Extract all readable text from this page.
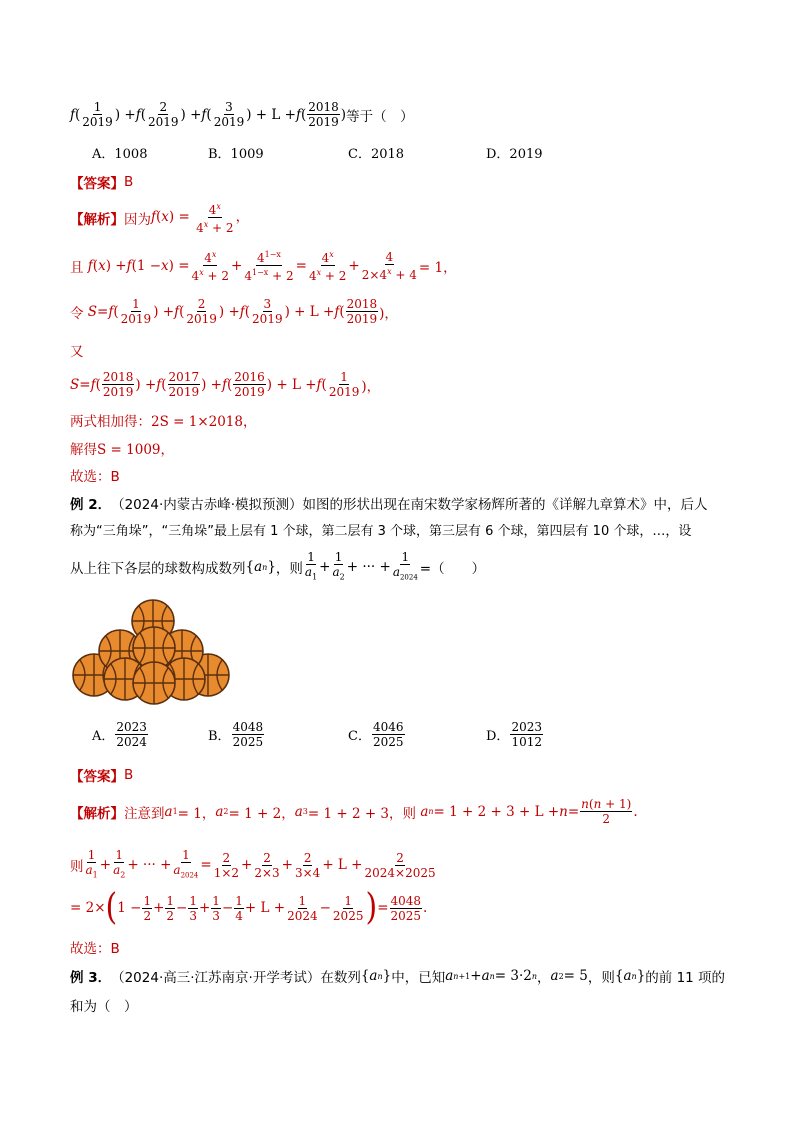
f ( $\frac{1}{2019}$ ) + f ( $\frac{2}{2019}$ ) + f ( $\frac{3}{2019}$ ) + L + f ( $\frac{2018}{2019}$ ) 等于（　）
A．1008	B．1009	C．2018	D．2019
【答案】 B
【解析】 因为 $f(x) = \frac{4^x}{4^x + 2}$ ，
且 f ( x ) + f (1 − x ) = $\frac{4^x}{4^x + 2} + \frac{4^{1-x}}{4^{1-x} + 2} = \frac{4^x}{4^x + 2} + \frac{4}{2\times 4^x + 4} = 1$，
令 S = f ( $\frac{1}{2019}$ ) + f ( $\frac{2}{2019}$ ) + f ( $\frac{3}{2019}$ ) + L + f ( $\frac{2018}{2019}$ )，
又
S = f ( $\frac{2018}{2019}$ ) + f ( $\frac{2017}{2019}$ ) + f ( $\frac{2016}{2019}$ ) + L + f ( $\frac{1}{2019}$ )，
两式相加得： 2S = 1×2018，
解得 S = 1009，
故选：B
例 2． （2024·内蒙古赤峰·模拟预测） 如图的形状出现在南宋数学家杨辉所著的《详解九章算术》中，后人
称为“三角垛”，“三角垛”最上层有 1 个球，第二层有 3 个球，第三层有 6 个球，第四层有 10 个球，…，设
从上往下各层的球数构成数列 { a n } ，则 $\frac{1}{a_1} + \frac{1}{a_2}$ + ··· + $\frac{1}{a_{2024}}$ =（　　）
A． $\frac{2023}{2024}$	B． $\frac{4048}{2025}$	C． $\frac{4046}{2025}$	D． $\frac{2023}{1012}$
【答案】 B
【解析】 注意到 a 1 = 1， a 2 = 1 + 2， a 3 = 1 + 2 + 3，则 a $n = 1 + 2 + 3 + L + n = \frac{n(n + 1)}{2}$ .
则 $\frac{1}{a_1} + \frac{1}{a_2}$ + ··· + $\frac{1}{a_{2024}} = \frac{2}{1\times 2} + \frac{2}{2\times 3} + \frac{2}{3\times 4} + L + \frac{2}{2024\times 2025}$
= 2× ( $1 - \frac{1}{2} + \frac{1}{2} - \frac{1}{3} + \frac{1}{3} - \frac{1}{4} + L + \frac{1}{2024} - \frac{1}{2025}$ ) = $\frac{4048}{2025}$ .
故选：B
例 3． （2024·高三·江苏南京·开学考试） 在数列 { a n } 中，已知 a n+1 + a n = 3·2 n ， a 2 = 5 ，则 { a n } 的前 11 项的
和为（　）
